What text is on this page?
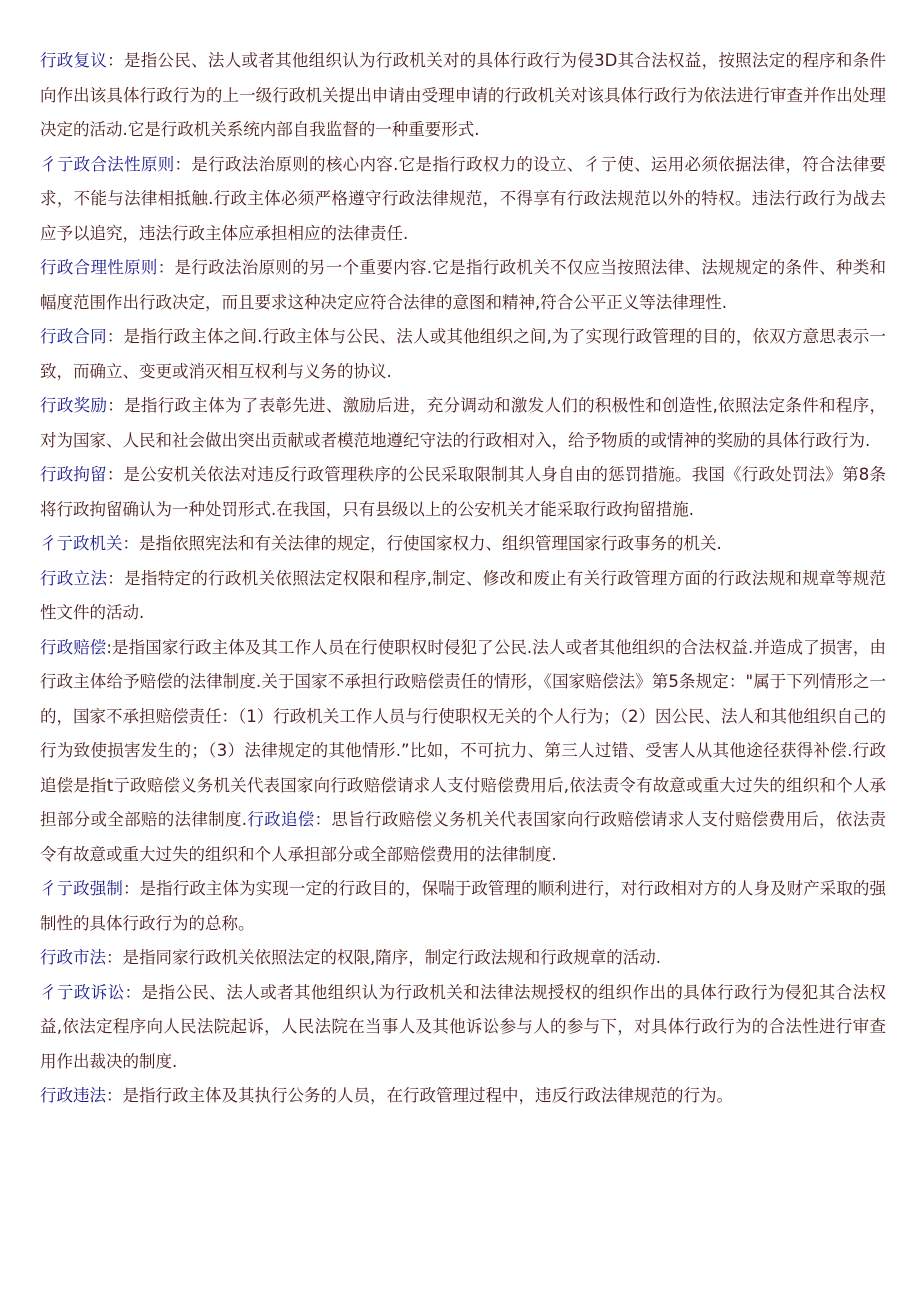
行政复议：是指公民、法人或者其他组织认为行政机关对的具体行政行为侵3D其合法权益，按照法定的程序和条件向作出该具体行政行为的上一级行政机关提出申请由受理申请的行政机关对该具体行政行为依法进行审查并作出处理决定的活动.它是行政机关系统内部自我监督的一种重要形式.

彳亍政合法性原则：是行政法治原则的核心内容.它是指行政权力的设立、彳亍使、运用必须依据法律，符合法律要求，不能与法律相抵触.行政主体必须严格遵守行政法律规范，不得享有行政法规范以外的特权。违法行政行为战去应予以追究，违法行政主体应承担相应的法律责任.

行政合理性原则：是行政法治原则的另一个重要内容.它是指行政机关不仅应当按照法律、法规规定的条件、种类和幅度范围作出行政决定，而且要求这种决定应符合法律的意图和精神,符合公平正义等法律理性.

行政合同：是指行政主体之间.行政主体与公民、法人或其他组织之间,为了实现行政管理的目的，依双方意思表示一致，而确立、变更或消灭相互权利与义务的协议.

行政奖励：是指行政主体为了表彰先进、激励后进，充分调动和激发人们的积极性和创造性,依照法定条件和程序，对为国家、人民和社会做出突出贡献或者模范地遵纪守法的行政相对入，给予物质的或情神的奖励的具体行政行为.

行政拘留：是公安机关依法对违反行政管理秩序的公民采取限制其人身自由的惩罚措施。我国《行政处罚法》第8条将行政拘留确认为一种处罚形式.在我国，只有县级以上的公安机关才能采取行政拘留措施.

彳亍政机关：是指依照宪法和有关法律的规定，行使国家权力、组织管理国家行政事务的机关.

行政立法：是指特定的行政机关依照法定权限和程序,制定、修改和废止有关行政管理方面的行政法规和规章等规范性文件的活动.

行政赔偿:是指国家行政主体及其工作人员在行使职权时侵犯了公民.法人或者其他组织的合法权益.并造成了损害，由行政主体给予赔偿的法律制度.关于国家不承担行政赔偿责任的情形，《国家赔偿法》第5条规定："属于下列情形之一的，国家不承担赔偿责任：（1）行政机关工作人员与行使职权无关的个人行为；（2）因公民、法人和其他组织自己的行为致使损害发生的；（3）法律规定的其他情形.”比如，不可抗力、第三人过错、受害人从其他途径获得补偿.行政追偿是指t亍政赔偿义务机关代表国家向行政赔偿请求人支付赔偿费用后,依法责令有故意或重大过失的组织和个人承担部分或全部赔的法律制度.行政追偿：思旨行政赔偿义务机关代表国家向行政赔偿请求人支付赔偿费用后，依法责令有故意或重大过失的组织和个人承担部分或全部赔偿费用的法律制度.

彳亍政强制：是指行政主体为实现一定的行政目的，保喘于政管理的顺利进行，对行政相对方的人身及财产采取的强制性的具体行政行为的总称。

行政市法：是指同家行政机关依照法定的权限,隋序，制定行政法规和行政规章的活动.

彳亍政诉讼：是指公民、法人或者其他组织认为行政机关和法律法规授权的组织作出的具体行政行为侵犯其合法权益,依法定程序向人民法院起诉，人民法院在当事人及其他诉讼参与人的参与下，对具体行政行为的合法性进行审查用作出裁决的制度.

行政违法：是指行政主体及其执行公务的人员，在行政管理过程中，违反行政法律规范的行为。
